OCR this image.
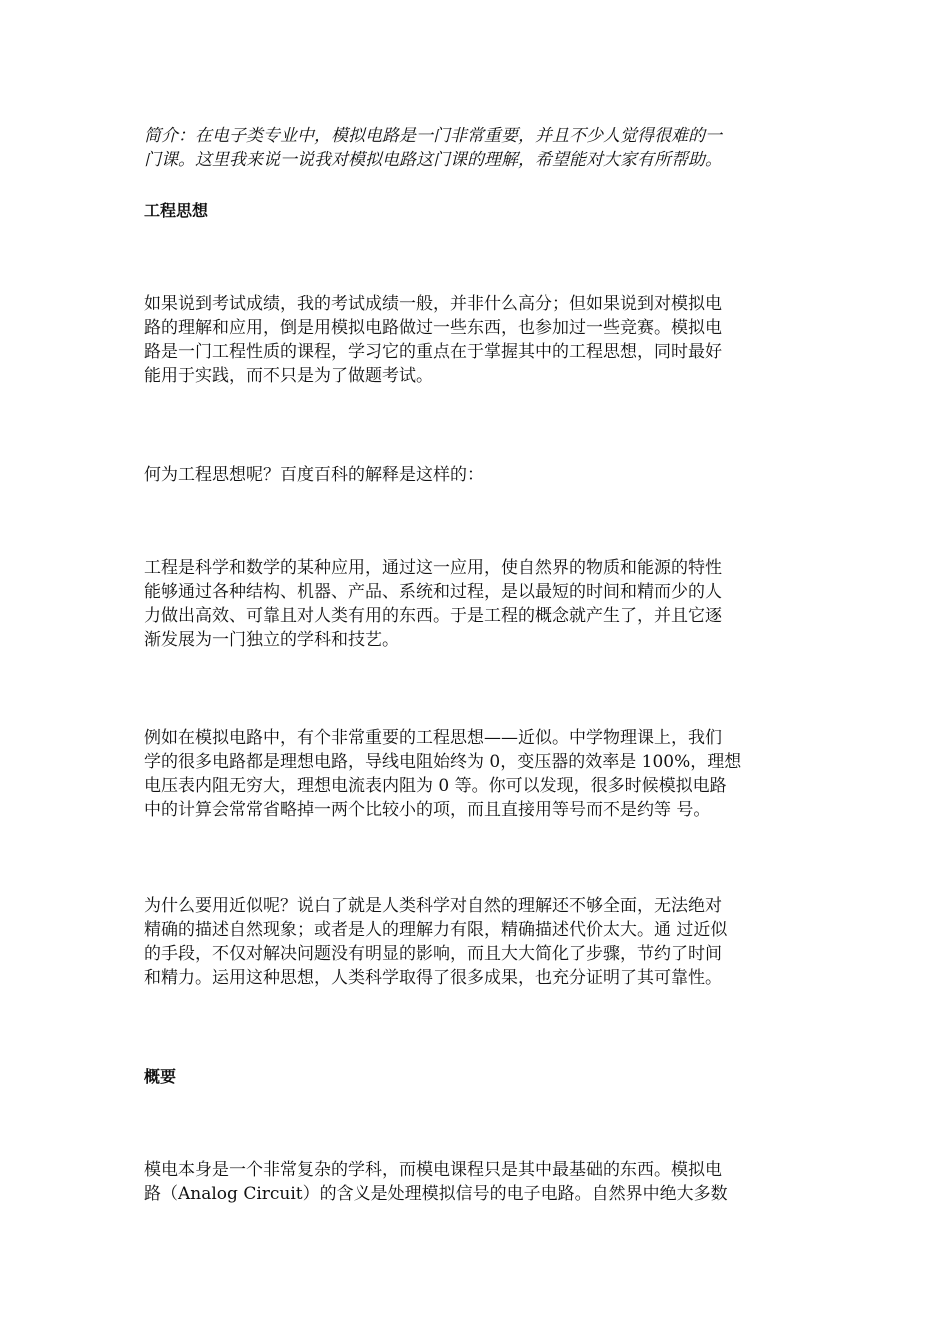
简介：在电子类专业中，模拟电路是一门非常重要，并且不少人觉得很难的一
门课。这里我来说一说我对模拟电路这门课的理解，希望能对大家有所帮助。
工程思想
如果说到考试成绩，我的考试成绩一般，并非什么高分；但如果说到对模拟电
路的理解和应用，倒是用模拟电路做过一些东西，也参加过一些竞赛。模拟电
路是一门工程性质的课程，学习它的重点在于掌握其中的工程思想，同时最好
能用于实践，而不只是为了做题考试。
何为工程思想呢？百度百科的解释是这样的：
工程是科学和数学的某种应用，通过这一应用，使自然界的物质和能源的特性
能够通过各种结构、机器、产品、系统和过程，是以最短的时间和精而少的人
力做出高效、可靠且对人类有用的东西。于是工程的概念就产生了，并且它逐
渐发展为一门独立的学科和技艺。
例如在模拟电路中，有个非常重要的工程思想——近似。中学物理课上，我们
学的很多电路都是理想电路，导线电阻始终为 0，变压器的效率是 100%，理想
电压表内阻无穷大，理想电流表内阻为 0 等。你可以发现，很多时候模拟电路
中的计算会常常省略掉一两个比较小的项，而且直接用等号而不是约等 号。
为什么要用近似呢？说白了就是人类科学对自然的理解还不够全面，无法绝对
精确的描述自然现象；或者是人的理解力有限，精确描述代价太大。通 过近似
的手段，不仅对解决问题没有明显的影响，而且大大简化了步骤，节约了时间
和精力。运用这种思想，人类科学取得了很多成果，也充分证明了其可靠性。
概要
模电本身是一个非常复杂的学科，而模电课程只是其中最基础的东西。模拟电
路（Analog Circuit）的含义是处理模拟信号的电子电路。自然界中绝大多数
